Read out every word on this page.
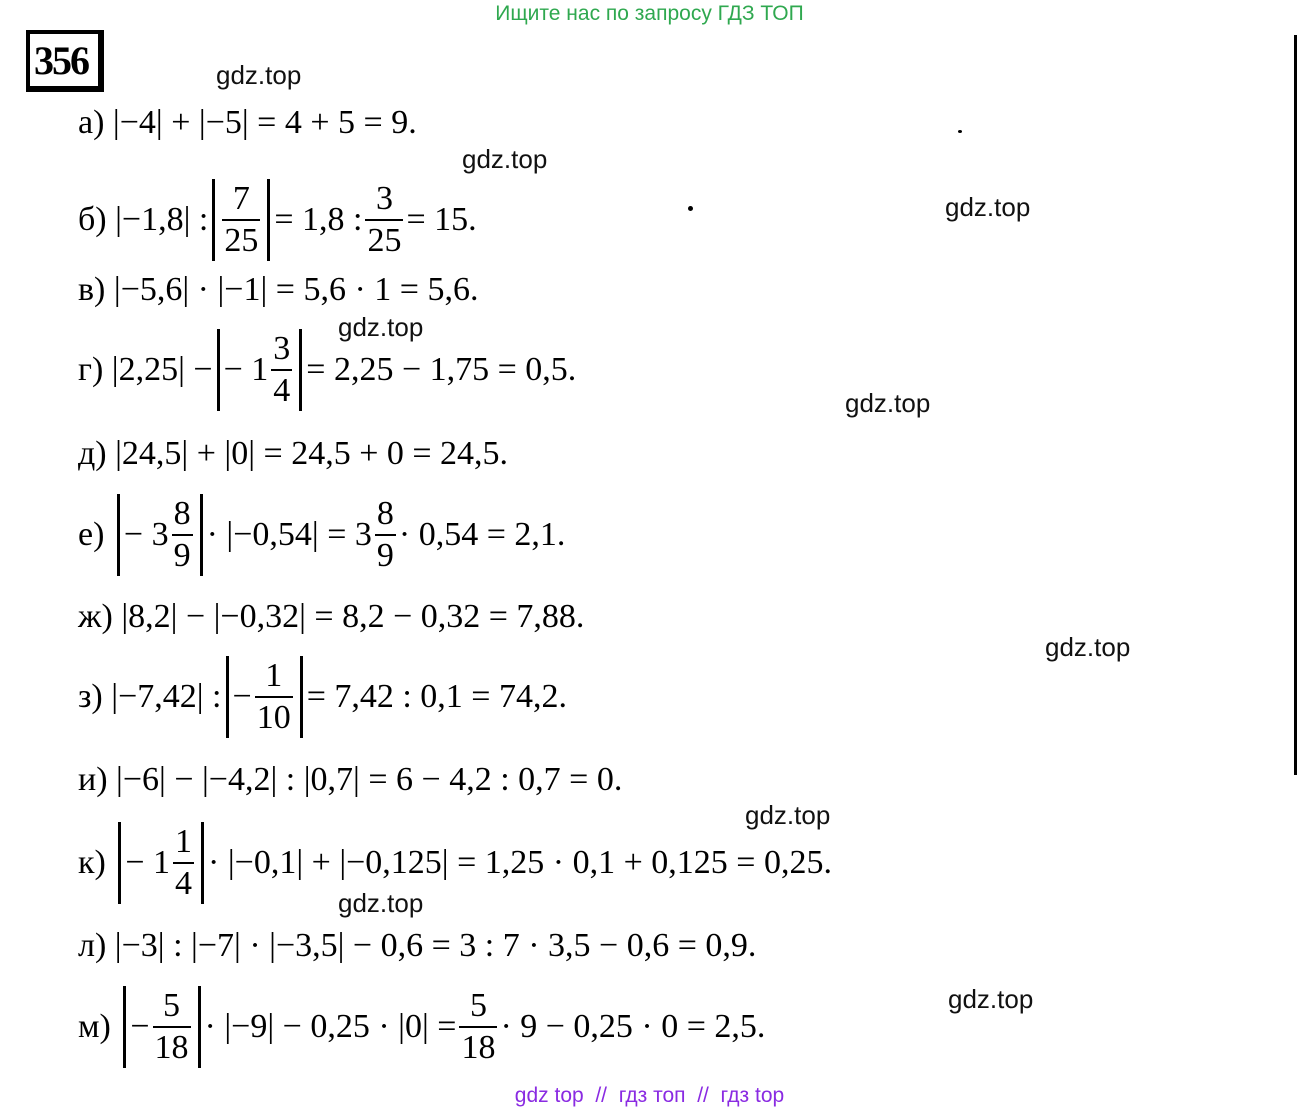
Ищите нас по запросу ГДЗ ТОП
356	gdz.top
gdz.top
gdz.top
gdz.top
gdz.top
gdz.top
gdz.top
gdz.top
gdz.top
а)
|−4| + |−5| = 4 + 5 = 9.
б)
|−1,8| : $\frac{7}{25} = 1,8$ : $\frac{3}{25} = 15$.
в)
|−5,6| · |−1| = 5,6 · 1 = 5,6.
г)
|2,25| − − $1 \frac{3}{4} = 2,25 - 1,75 = 0,5$.
д)
|24,5| + |0| = 24,5 + 0 = 24,5.
е)
− $3 \frac{8}{9} \cdot |-0,54| = 3 \frac{8}{9} \cdot 0,54 = 2,1$.
ж)
|8,2| − |−0,32| = 8,2 − 0,32 = 7,88.
з)
|−7,42| : − $\frac{1}{10} = 7,42$ : 0,1 = 74,2.
и)
|−6| − |−4,2| : |0,7| = 6 − 4,2 : 0,7 = 0.
к)
− $1 \frac{1}{4} \cdot |-0,1| + |-0,125| = 1,25 \cdot 0,1 + 0,125 = 0,25$.
л)
|−3| : |−7| · |−3,5| − 0,6 = 3 : 7 · 3,5 − 0,6 = 0,9.
м)
− $\frac{5}{18} \cdot |-9| - 0,25 \cdot |0| = \frac{5}{18} \cdot 9 - 0,25 \cdot 0 = 2,5$.
gdz top  //  гдз топ  //  гдз top
